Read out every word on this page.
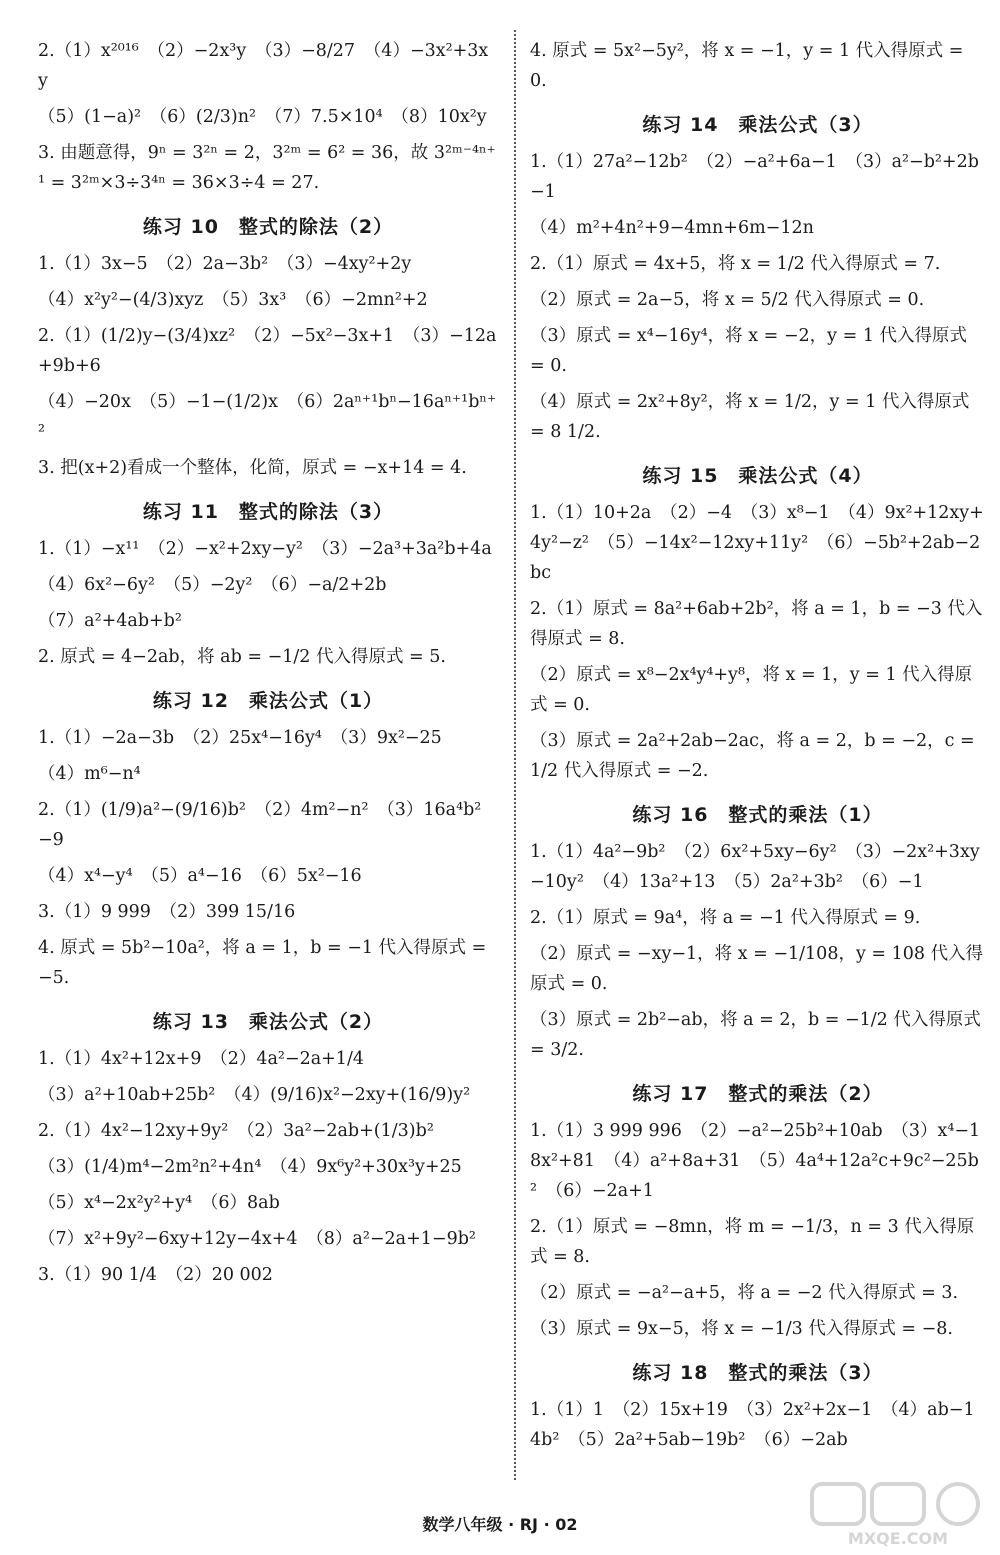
2.（1）x²⁰¹⁶　（2）−2x³y　（3）−8/27　（4）−3x²+3xy
（5）(1−a)²　（6）(2/3)n²　（7）7.5×10⁴　（8）10x²y
3. 由题意得，9ⁿ = 3²ⁿ = 2，3²ᵐ = 6² = 36，故 3²ᵐ⁻⁴ⁿ⁺¹ = 3²ᵐ×3÷3⁴ⁿ = 36×3÷4 = 27.
练习 10　整式的除法（2）
1.（1）3x−5　（2）2a−3b²　（3）−4xy²+2y
（4）x²y²−(4/3)xyz　（5）3x³　（6）−2mn²+2
2.（1）(1/2)y−(3/4)xz²　（2）−5x²−3x+1　（3）−12a+9b+6
（4）−20x　（5）−1−(1/2)x　（6）2aⁿ⁺¹bⁿ−16aⁿ⁺¹bⁿ⁺²
3. 把(x+2)看成一个整体，化简，原式 = −x+14 = 4.
练习 11　整式的除法（3）
1.（1）−x¹¹　（2）−x²+2xy−y²　（3）−2a³+3a²b+4a
（4）6x²−6y²　（5）−2y²　（6）−a/2+2b
（7）a²+4ab+b²
2. 原式 = 4−2ab，将 ab = −1/2 代入得原式 = 5.
练习 12　乘法公式（1）
1.（1）−2a−3b　（2）25x⁴−16y⁴　（3）9x²−25
（4）m⁶−n⁴
2.（1）(1/9)a²−(9/16)b²　（2）4m²−n²　（3）16a⁴b²−9
（4）x⁴−y⁴　（5）a⁴−16　（6）5x²−16
3.（1）9 999　（2）399 15/16
4. 原式 = 5b²−10a²，将 a = 1，b = −1 代入得原式 = −5.
练习 13　乘法公式（2）
1.（1）4x²+12x+9　（2）4a²−2a+1/4
（3）a²+10ab+25b²　（4）(9/16)x²−2xy+(16/9)y²
2.（1）4x²−12xy+9y²　（2）3a²−2ab+(1/3)b²
（3）(1/4)m⁴−2m²n²+4n⁴　（4）9x⁶y²+30x³y+25
（5）x⁴−2x²y²+y⁴　（6）8ab
（7）x²+9y²−6xy+12y−4x+4　（8）a²−2a+1−9b²
3.（1）90 1/4　（2）20 002
4. 原式 = 5x²−5y²，将 x = −1，y = 1 代入得原式 = 0.
练习 14　乘法公式（3）
1.（1）27a²−12b²　（2）−a²+6a−1　（3）a²−b²+2b−1
（4）m²+4n²+9−4mn+6m−12n
2.（1）原式 = 4x+5，将 x = 1/2 代入得原式 = 7.
（2）原式 = 2a−5，将 x = 5/2 代入得原式 = 0.
（3）原式 = x⁴−16y⁴，将 x = −2，y = 1 代入得原式 = 0.
（4）原式 = 2x²+8y²，将 x = 1/2，y = 1 代入得原式 = 8 1/2.
练习 15　乘法公式（4）
1.（1）10+2a　（2）−4　（3）x⁸−1　（4）9x²+12xy+4y²−z²　（5）−14x²−12xy+11y²　（6）−5b²+2ab−2bc
2.（1）原式 = 8a²+6ab+2b²，将 a = 1，b = −3 代入得原式 = 8.
（2）原式 = x⁸−2x⁴y⁴+y⁸，将 x = 1，y = 1 代入得原式 = 0.
（3）原式 = 2a²+2ab−2ac，将 a = 2，b = −2，c = 1/2 代入得原式 = −2.
练习 16　整式的乘法（1）
1.（1）4a²−9b²　（2）6x²+5xy−6y²　（3）−2x²+3xy−10y²　（4）13a²+13　（5）2a²+3b²　（6）−1
2.（1）原式 = 9a⁴，将 a = −1 代入得原式 = 9.
（2）原式 = −xy−1，将 x = −1/108，y = 108 代入得原式 = 0.
（3）原式 = 2b²−ab，将 a = 2，b = −1/2 代入得原式 = 3/2.
练习 17　整式的乘法（2）
1.（1）3 999 996　（2）−a²−25b²+10ab　（3）x⁴−18x²+81　（4）a²+8a+31　（5）4a⁴+12a²c+9c²−25b²　（6）−2a+1
2.（1）原式 = −8mn，将 m = −1/3，n = 3 代入得原式 = 8.
（2）原式 = −a²−a+5，将 a = −2 代入得原式 = 3.
（3）原式 = 9x−5，将 x = −1/3 代入得原式 = −8.
练习 18　整式的乘法（3）
1.（1）1　（2）15x+19　（3）2x²+2x−1　（4）ab−14b²　（5）2a²+5ab−19b²　（6）−2ab
数学八年级 · RJ · 02
MXQE.COM
